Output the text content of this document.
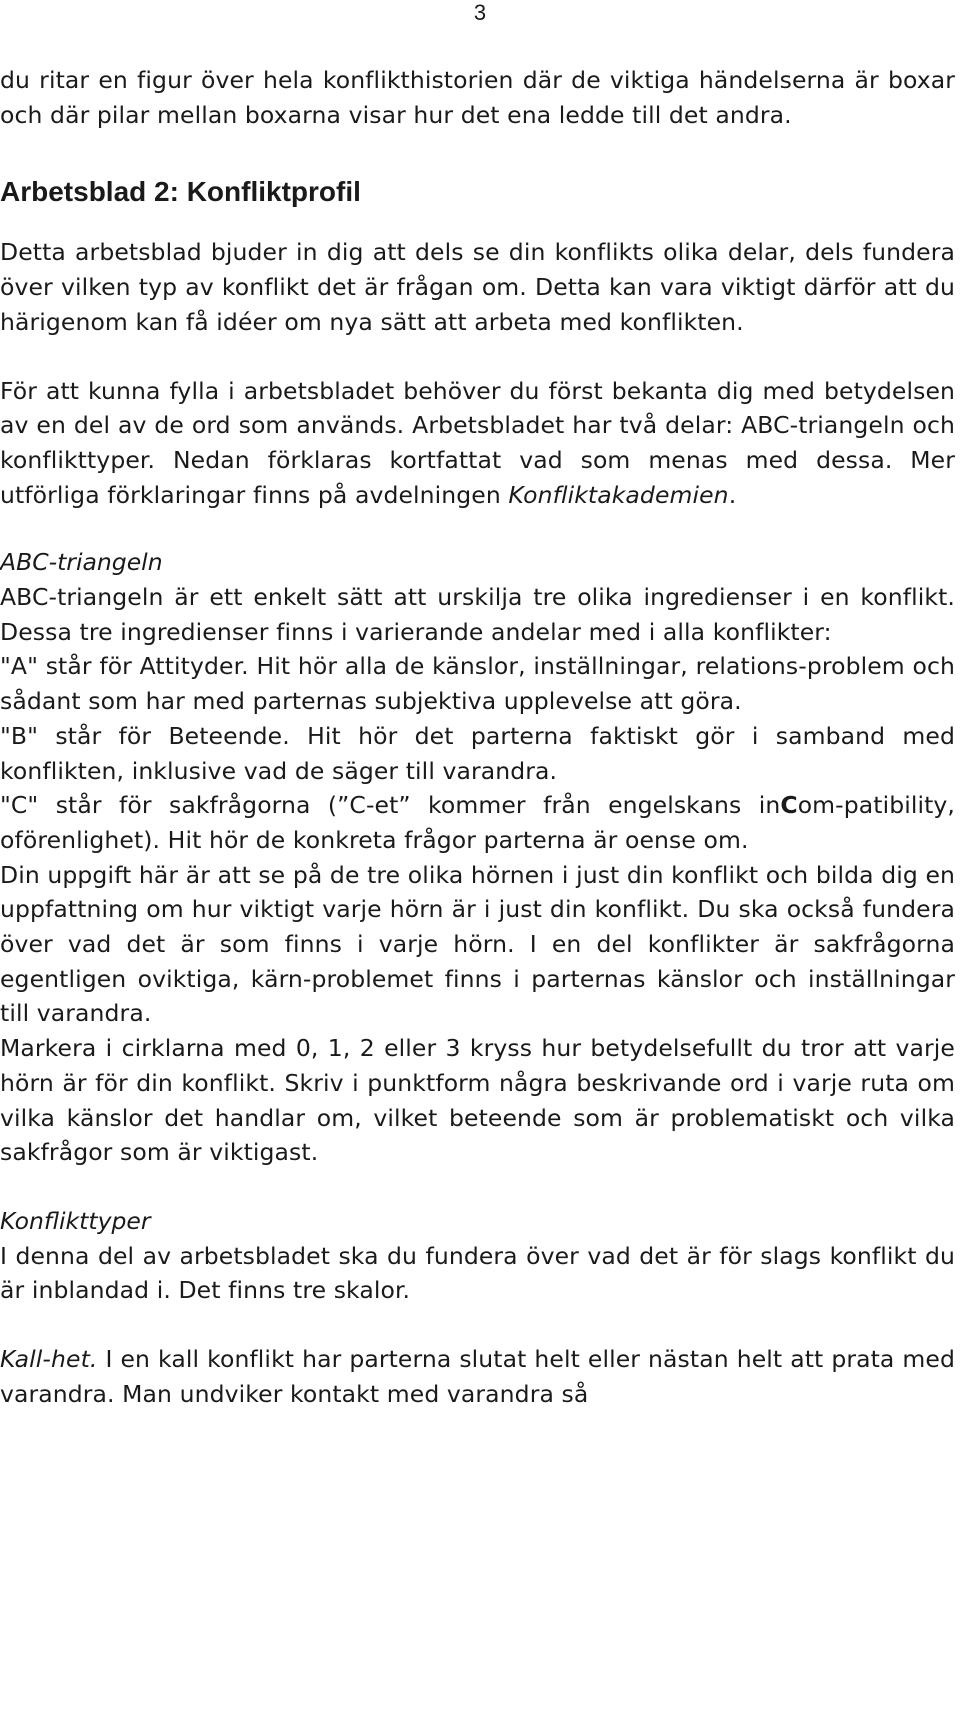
3

du ritar en figur över hela konflikthistorien där de viktiga händelserna är boxar och där pilar mellan boxarna visar hur det ena ledde till det andra.

Arbetsblad 2: Konfliktprofil

Detta arbetsblad bjuder in dig att dels se din konflikts olika delar, dels fundera över vilken typ av konflikt det är frågan om. Detta kan vara viktigt därför att du härigenom kan få idéer om nya sätt att arbeta med konflikten.

För att kunna fylla i arbetsbladet behöver du först bekanta dig med betydelsen av en del av de ord som används. Arbetsbladet har två delar: ABC-triangeln och konflikttyper. Nedan förklaras kortfattat vad som menas med dessa. Mer utförliga förklaringar finns på avdelningen Konfliktakademien.

ABC-triangeln

ABC-triangeln är ett enkelt sätt att urskilja tre olika ingredienser i en konflikt. Dessa tre ingredienser finns i varierande andelar med i alla konflikter:

"A" står för Attityder. Hit hör alla de känslor, inställningar, relations-problem och sådant som har med parternas subjektiva upplevelse att göra.

"B" står för Beteende. Hit hör det parterna faktiskt gör i samband med konflikten, inklusive vad de säger till varandra.

"C" står för sakfrågorna (”C-et” kommer från engelskans inCom-patibility, oförenlighet). Hit hör de konkreta frågor parterna är oense om.

Din uppgift här är att se på de tre olika hörnen i just din konflikt och bilda dig en uppfattning om hur viktigt varje hörn är i just din konflikt. Du ska också fundera över vad det är som finns i varje hörn. I en del konflikter är sakfrågorna egentligen oviktiga, kärn-problemet finns i parternas känslor och inställningar till varandra.

Markera i cirklarna med 0, 1, 2 eller 3 kryss hur betydelsefullt du tror att varje hörn är för din konflikt. Skriv i punktform några beskrivande ord i varje ruta om vilka känslor det handlar om, vilket beteende som är problematiskt och vilka sakfrågor som är viktigast.

Konflikttyper

I denna del av arbetsbladet ska du fundera över vad det är för slags konflikt du är inblandad i. Det finns tre skalor.

Kall-het. I en kall konflikt har parterna slutat helt eller nästan helt att prata med varandra. Man undviker kontakt med varandra så
